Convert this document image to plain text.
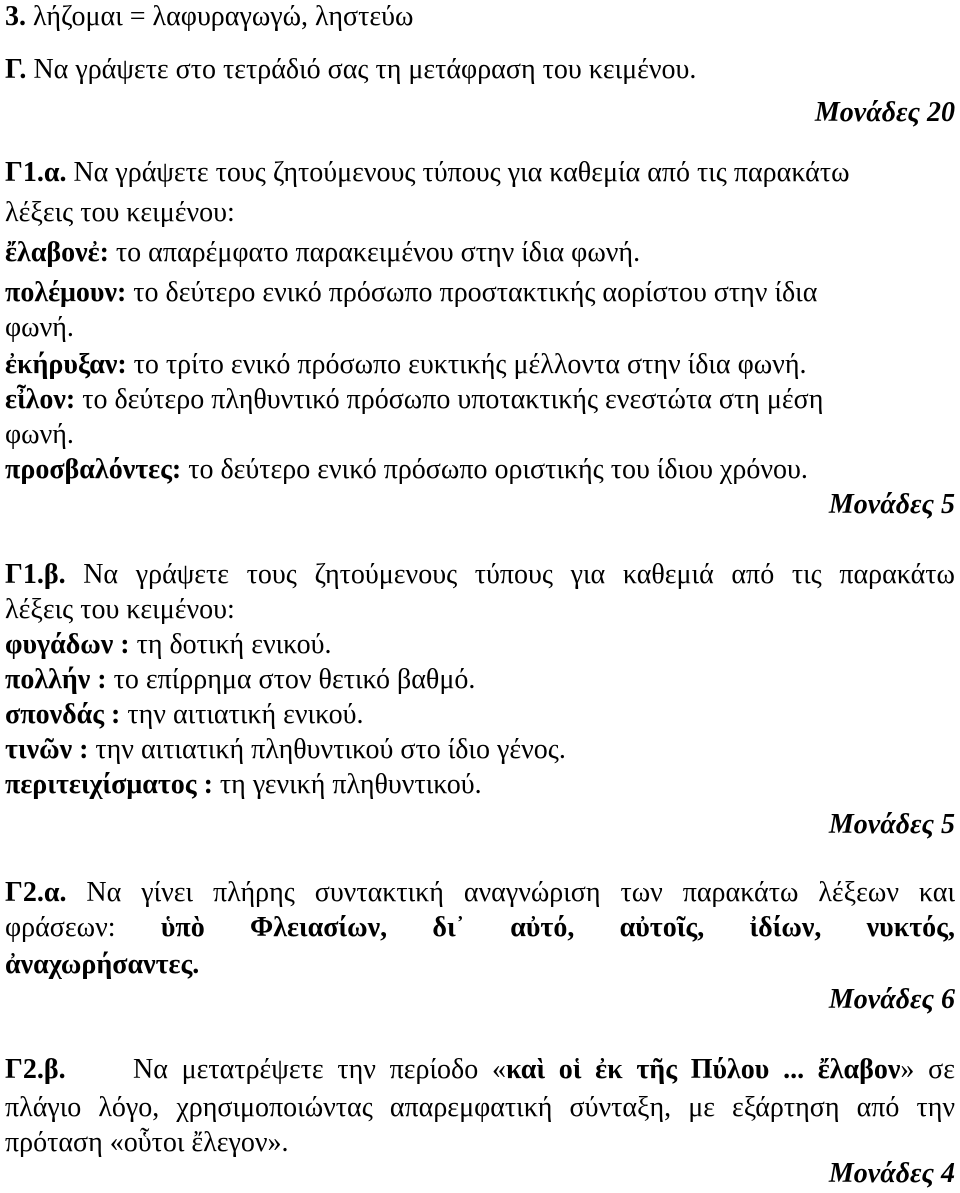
3. λήζομαι = λαφυραγωγώ, ληστεύω
Γ. Να γράψετε στο τετράδιό σας τη μετάφραση του κειμένου.
Μονάδες 20
Γ1.α. Να γράψετε τους ζητούμενους τύπους για καθεμία από τις παρακάτω
λέξεις του κειμένου:
ἔλαβονἐ: το απαρέμφατο παρακειμένου στην ίδια φωνή.
πολέμουν: το δεύτερο ενικό πρόσωπο προστακτικής αορίστου στην ίδια
φωνή.
ἐκήρυξαν: το τρίτο ενικό πρόσωπο ευκτικής μέλλοντα στην ίδια φωνή.
εἶλον: το δεύτερο πληθυντικό πρόσωπο υποτακτικής ενεστώτα στη μέση
φωνή.
προσβαλόντες: το δεύτερο ενικό πρόσωπο οριστικής του ίδιου χρόνου.
Μονάδες 5
Γ1.β. Να γράψετε τους ζητούμενους τύπους για καθεμιά από τις παρακάτω
λέξεις του κειμένου:
φυγάδων : τη δοτική ενικού.
πολλήν : το επίρρημα στον θετικό βαθμό.
σπονδάς : την αιτιατική ενικού.
τινῶν : την αιτιατική πληθυντικού στο ίδιο γένος.
περιτειχίσματος : τη γενική πληθυντικού.
Μονάδες 5
Γ2.α. Να γίνει πλήρης συντακτική αναγνώριση των παρακάτω λέξεων και
φράσεων: ὑπὸ Φλειασίων, δι᾽ αὐτό, αὐτοῖς, ἰδίων, νυκτός,
ἀναχωρήσαντες.
Μονάδες 6
Γ2.β. Να μετατρέψετε την περίοδο «καὶ οἱ ἐκ τῆς Πύλου ... ἔλαβον» σε
πλάγιο λόγο, χρησιμοποιώντας απαρεμφατική σύνταξη, με εξάρτηση από την
πρόταση «οὗτοι ἔλεγον».
Μονάδες 4
